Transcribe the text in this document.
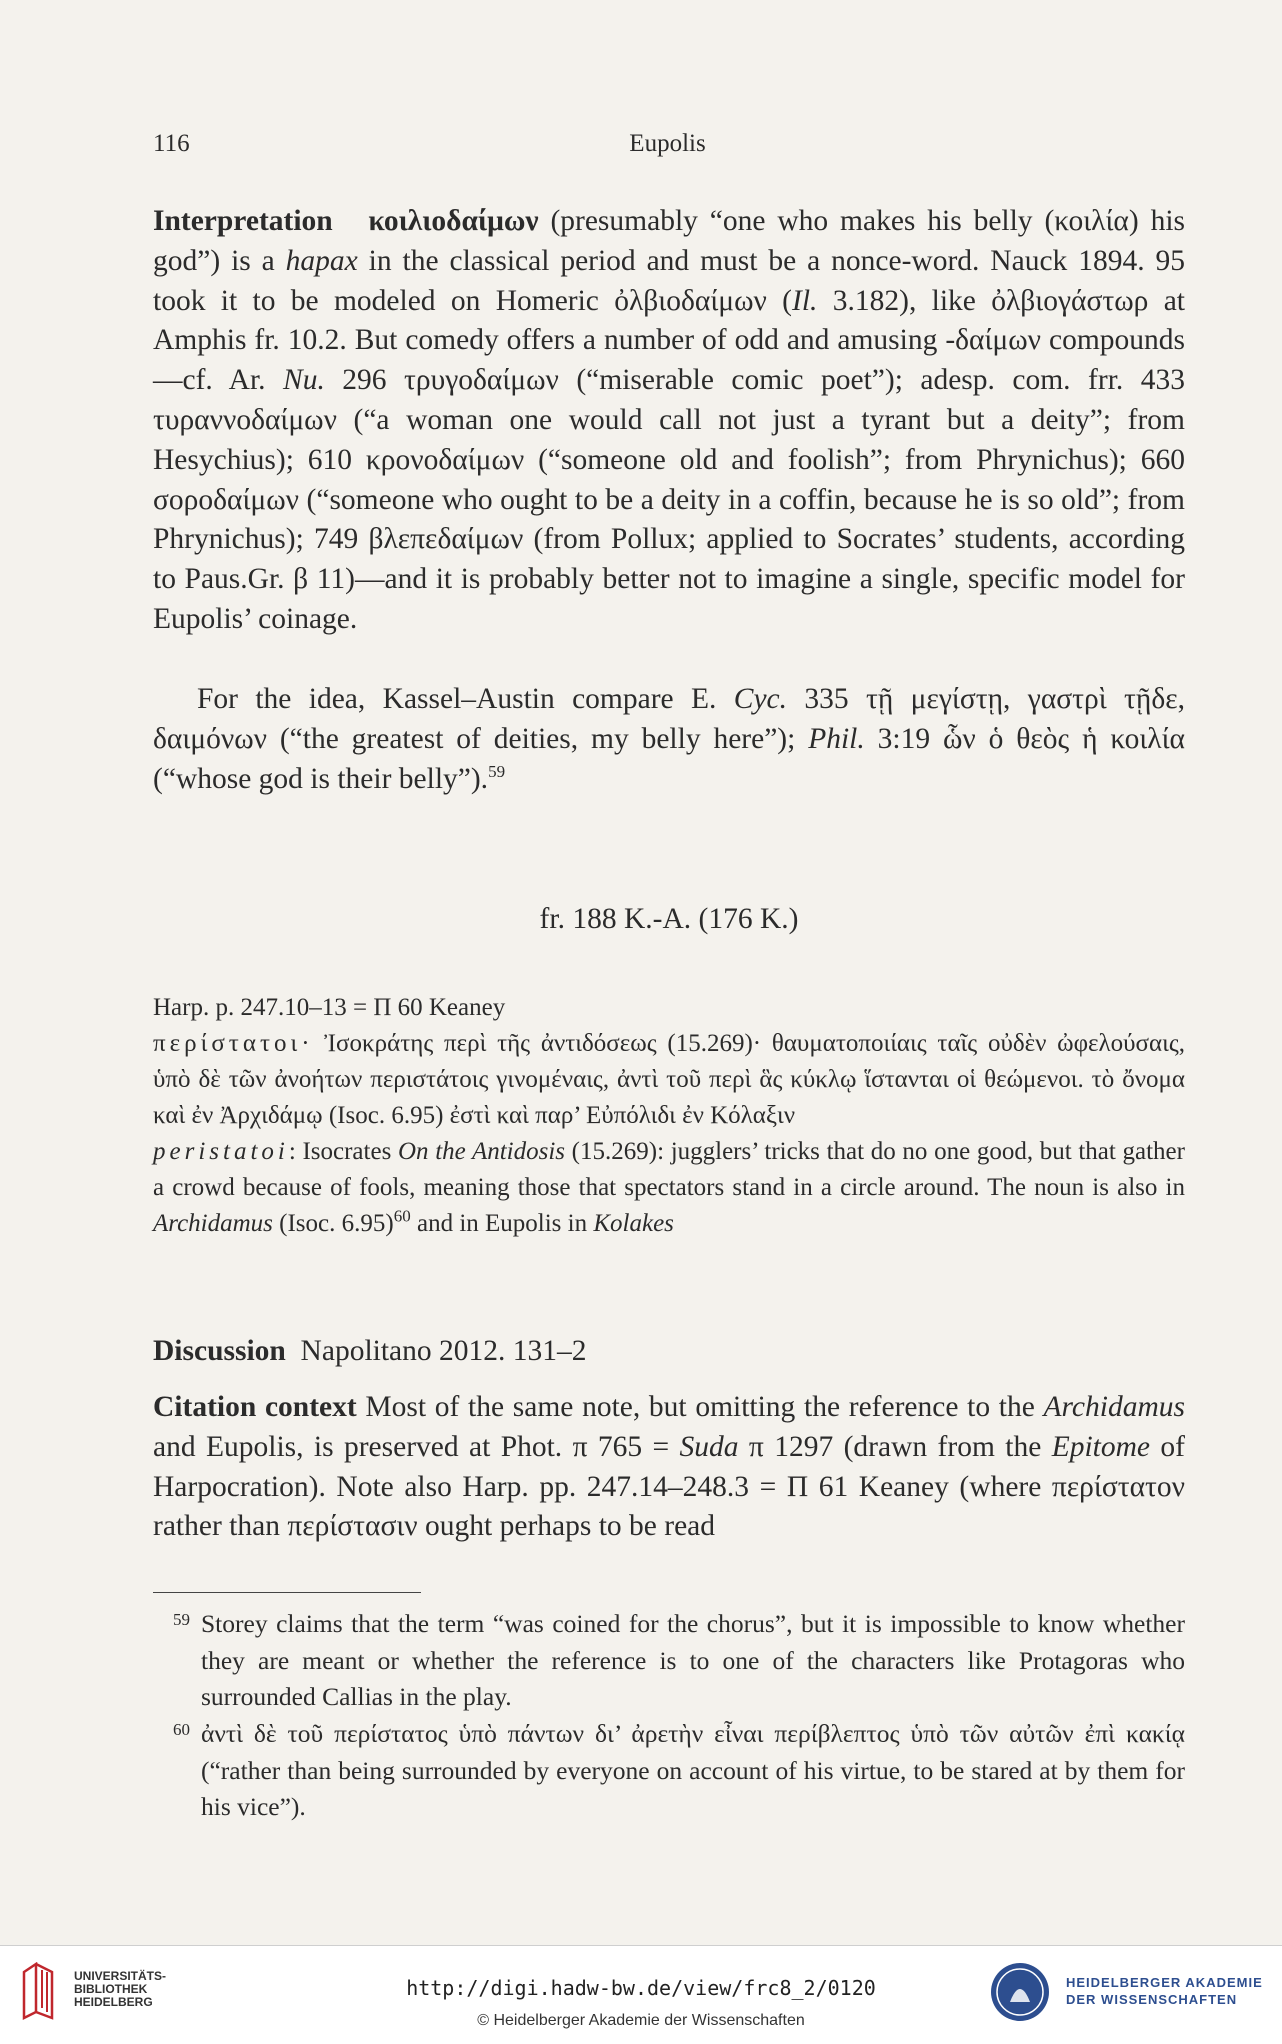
116	Eupolis
Interpretation κοιλιοδαίμων (presumably “one who makes his belly (κοιλία) his god”) is a hapax in the classical period and must be a nonce-word. Nauck 1894. 95 took it to be modeled on Homeric ὀλβιοδαίμων (Il. 3.182), like ὀλβιογάστωρ at Amphis fr. 10.2. But comedy offers a number of odd and amusing -δαίμων compounds—cf. Ar. Nu. 296 τρυγοδαίμων (“miserable comic poet”); adesp. com. frr. 433 τυραννοδαίμων (“a woman one would call not just a tyrant but a deity”; from Hesychius); 610 κρονοδαίμων (“someone old and foolish”; from Phrynichus); 660 σοροδαίμων (“someone who ought to be a deity in a coffin, because he is so old”; from Phrynichus); 749 βλεπεδαίμων (from Pollux; applied to Socrates’ students, according to Paus.Gr. β 11)—and it is probably better not to imagine a single, specific model for Eupolis’ coinage.
For the idea, Kassel–Austin compare E. Cyc. 335 τῇ μεγίστῃ, γαστρὶ τῇδε, δαιμόνων (“the greatest of deities, my belly here”); Phil. 3:19 ὧν ὁ θεὸς ἡ κοιλία (“whose god is their belly”).$^{59}$
fr. 188 K.-A. (176 K.)
Harp. p. 247.10–13 = Π 60 Keaney
περίστατοι· Ἰσοκράτης περὶ τῆς ἀντιδόσεως (15.269)· θαυματοποιίαις ταῖς οὐδὲν ὠφελούσαις, ὑπὸ δὲ τῶν ἀνοήτων περιστάτοις γινομέναις, ἀντὶ τοῦ περὶ ἃς κύκλῳ ἵστανται οἱ θεώμενοι. τὸ ὄνομα καὶ ἐν Ἀρχιδάμῳ (Isoc. 6.95) ἐστὶ καὶ παρ’ Εὐπόλιδι ἐν Κόλαξιν
peristatoi: Isocrates On the Antidosis (15.269): jugglers’ tricks that do no one good, but that gather a crowd because of fools, meaning those that spectators stand in a circle around. The noun is also in Archidamus (Isoc. 6.95)$^{60}$ and in Eupolis in Kolakes
Discussion Napolitano 2012. 131–2
Citation context Most of the same note, but omitting the reference to the Archidamus and Eupolis, is preserved at Phot. π 765 = Suda π 1297 (drawn from the Epitome of Harpocration). Note also Harp. pp. 247.14–248.3 = Π 61 Keaney (where περίστατον rather than περίστασιν ought perhaps to be read
59 Storey claims that the term “was coined for the chorus”, but it is impossible to know whether they are meant or whether the reference is to one of the characters like Protagoras who surrounded Callias in the play.
60 ἀντὶ δὲ τοῦ περίστατος ὑπὸ πάντων δι’ ἀρετὴν εἶναι περίβλεπτος ὑπὸ τῶν αὐτῶν ἐπὶ κακίᾳ (“rather than being surrounded by everyone on account of his virtue, to be stared at by them for his vice”).
UNIVERSITÄTS-
BIBLIOTHEK
HEIDELBERG
http://digi.hadw-bw.de/view/frc8_2/0120
© Heidelberger Akademie der Wissenschaften
HEIDELBERGER AKADEMIE
DER WISSENSCHAFTEN
